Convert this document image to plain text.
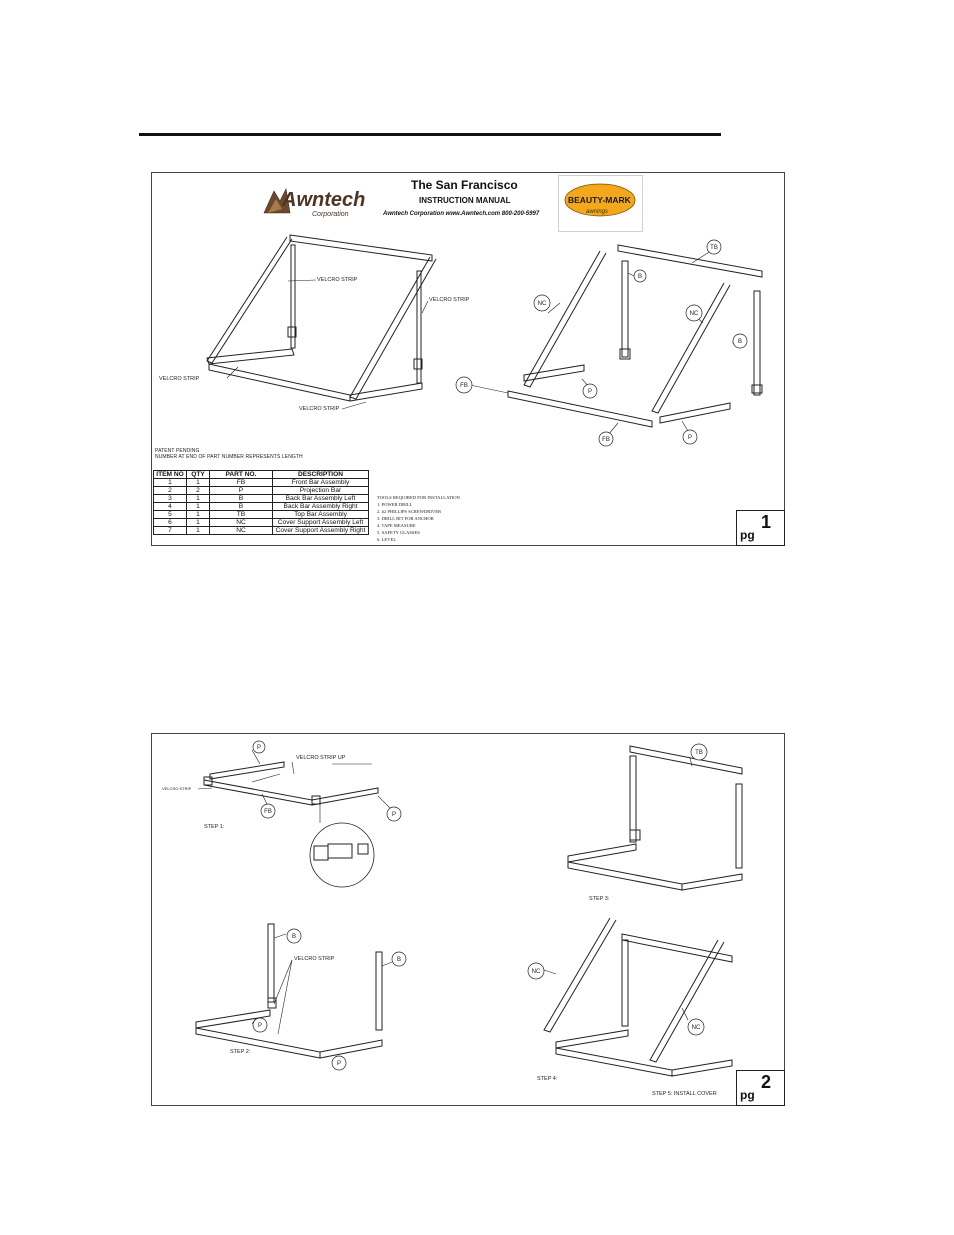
Awntech
Corporation
The San Francisco
INSTRUCTION MANUAL
Awntech Corporation www.Awntech.com 800-200-5997
BEAUTY-MARK
awnings
TB
B
NC
NC
B
P
FB
FB	P
VELCRO STRIP
VELCRO STRIP
VELCRO STRIP
VELCRO STRIP
PATENT PENDING
NUMBER AT END OF PART NUMBER REPRESENTS LENGTH
ITEM NO	QTY	PART NO.	DESCRIPTION
1	1	FB	Front Bar Assembly
2	2	P	Projection Bar
3	1	B	Back Bar Assembly Left
4	1	B	Back Bar Assembly Right
5	1	TB	Top Bar Assembly
6	1	NC	Cover Support Assembly Left
7	1	NC	Cover Support Assembly Right
TOOLS REQUIRED FOR INSTALLATION
1. POWER DRILL
2. #2 PHILLIPS SCREWDRIVER
3. DRILL BIT FOR ANCHOR
4. TAPE MEASURE
5. SAFETY GLASSES
6. LEVEL	pg
1
P
FB	P
TB
B
B
P
P
NC
NC
VELCRO STRIP UP
VELCRO STRIP
STEP 1:
STEP 3:
VELCRO STRIP
STEP 2:
STEP 4:
STEP 5: INSTALL COVER pg
2
